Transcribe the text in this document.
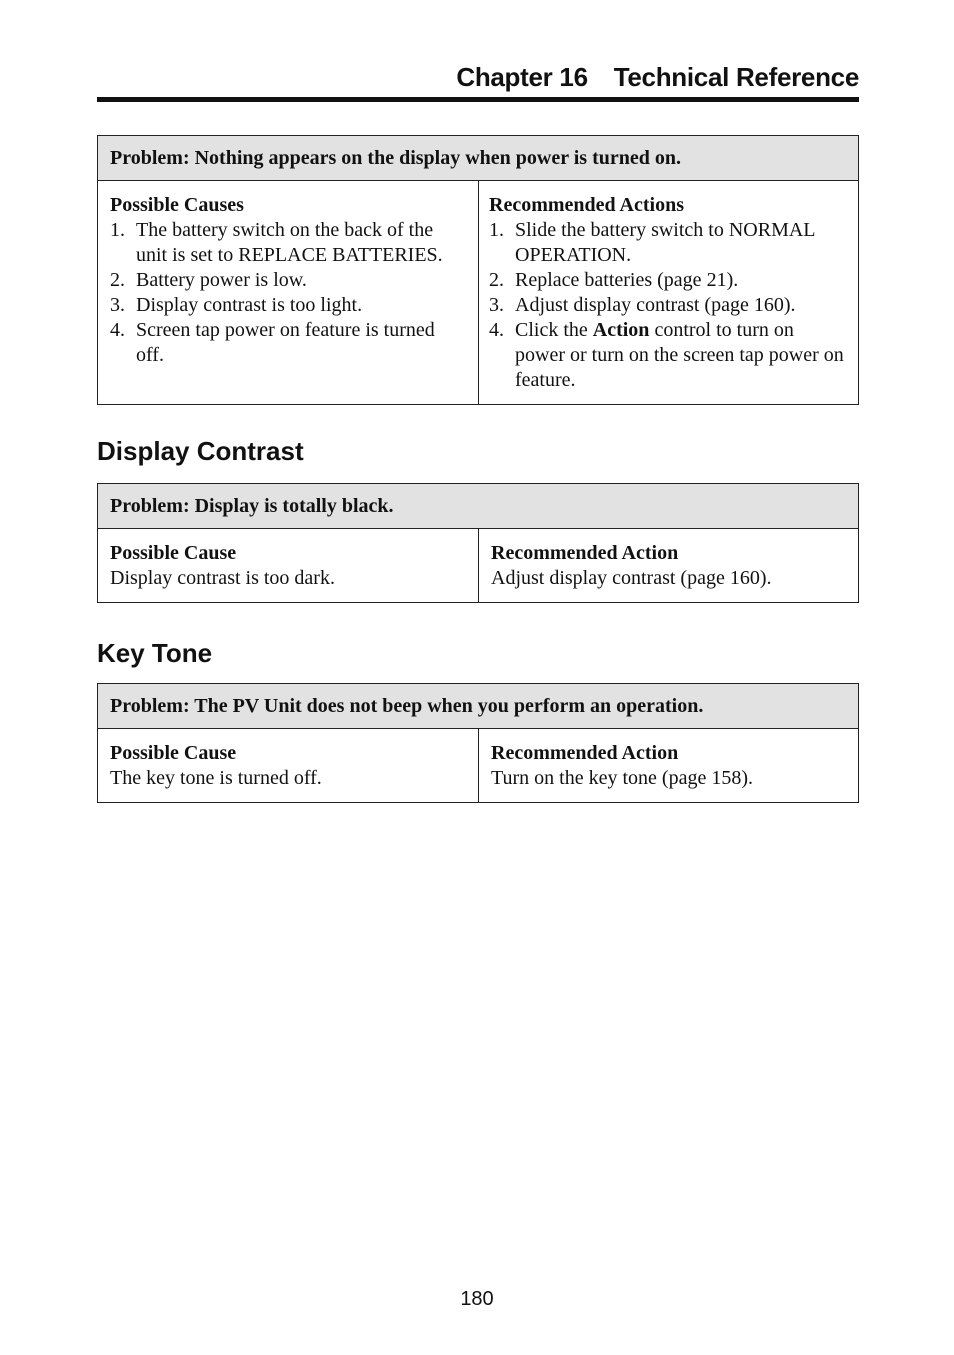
Chapter 16 Technical Reference
Problem: Nothing appears on the display when power is turned on.
Possible Causes
1. The battery switch on the back of the unit is set to REPLACE BATTERIES.
2. Battery power is low.
3. Display contrast is too light.
4. Screen tap power on feature is turned off.
Recommended Actions
1. Slide the battery switch to NORMAL OPERATION.
2. Replace batteries (page 21).
3. Adjust display contrast (page 160).
4. Click the Action control to turn on power or turn on the screen tap power on feature.
Display Contrast
Problem: Display is totally black.
Possible Cause
Display contrast is too dark.
Recommended Action
Adjust display contrast (page 160).
Key Tone
Problem: The PV Unit does not beep when you perform an operation.
Possible Cause
The key tone is turned off.
Recommended Action
Turn on the key tone (page 158).
180
